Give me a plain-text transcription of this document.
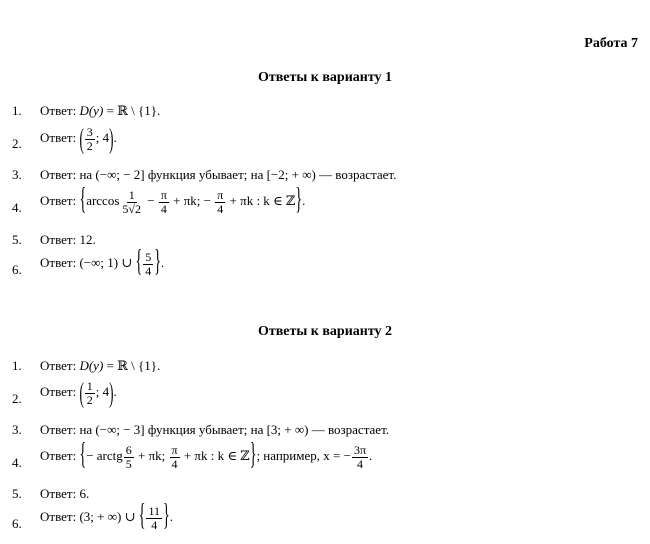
Работа 7
Ответы к варианту 1
1. Ответ: D(y) = ℝ \ {1}.
2. Ответ: ( $\frac{3}{2}$ ; 4).
3. Ответ: на (−∞; − 2] функция убывает; на [−2; + ∞) — возрастает.
4. Ответ: {$\arccos \frac{1}{5√2} - \frac{\pi}{4} + \pi k$; − $\frac{\pi}{4} + \pi k$ : k ∈ ℤ}.
5. Ответ: 12.
6. Ответ: (−∞; 1) ∪ { $\frac{5}{4}$ }.
Ответы к варианту 2
1. Ответ: D(y) = ℝ \ {1}.
2. Ответ: ( $\frac{1}{2}$ ; 4).
3. Ответ: на (−∞; − 3] функция убывает; на [3; + ∞) — возрастает.
4. Ответ: {− arctg $\frac{6}{5} + \pi k$; $\frac{\pi}{4} + \pi k$ : k ∈ ℤ}; например, x = − $\frac{3\pi}{4}$ .
5. Ответ: 6.
6. Ответ: (3; + ∞) ∪ { $\frac{11}{4}$ }.
